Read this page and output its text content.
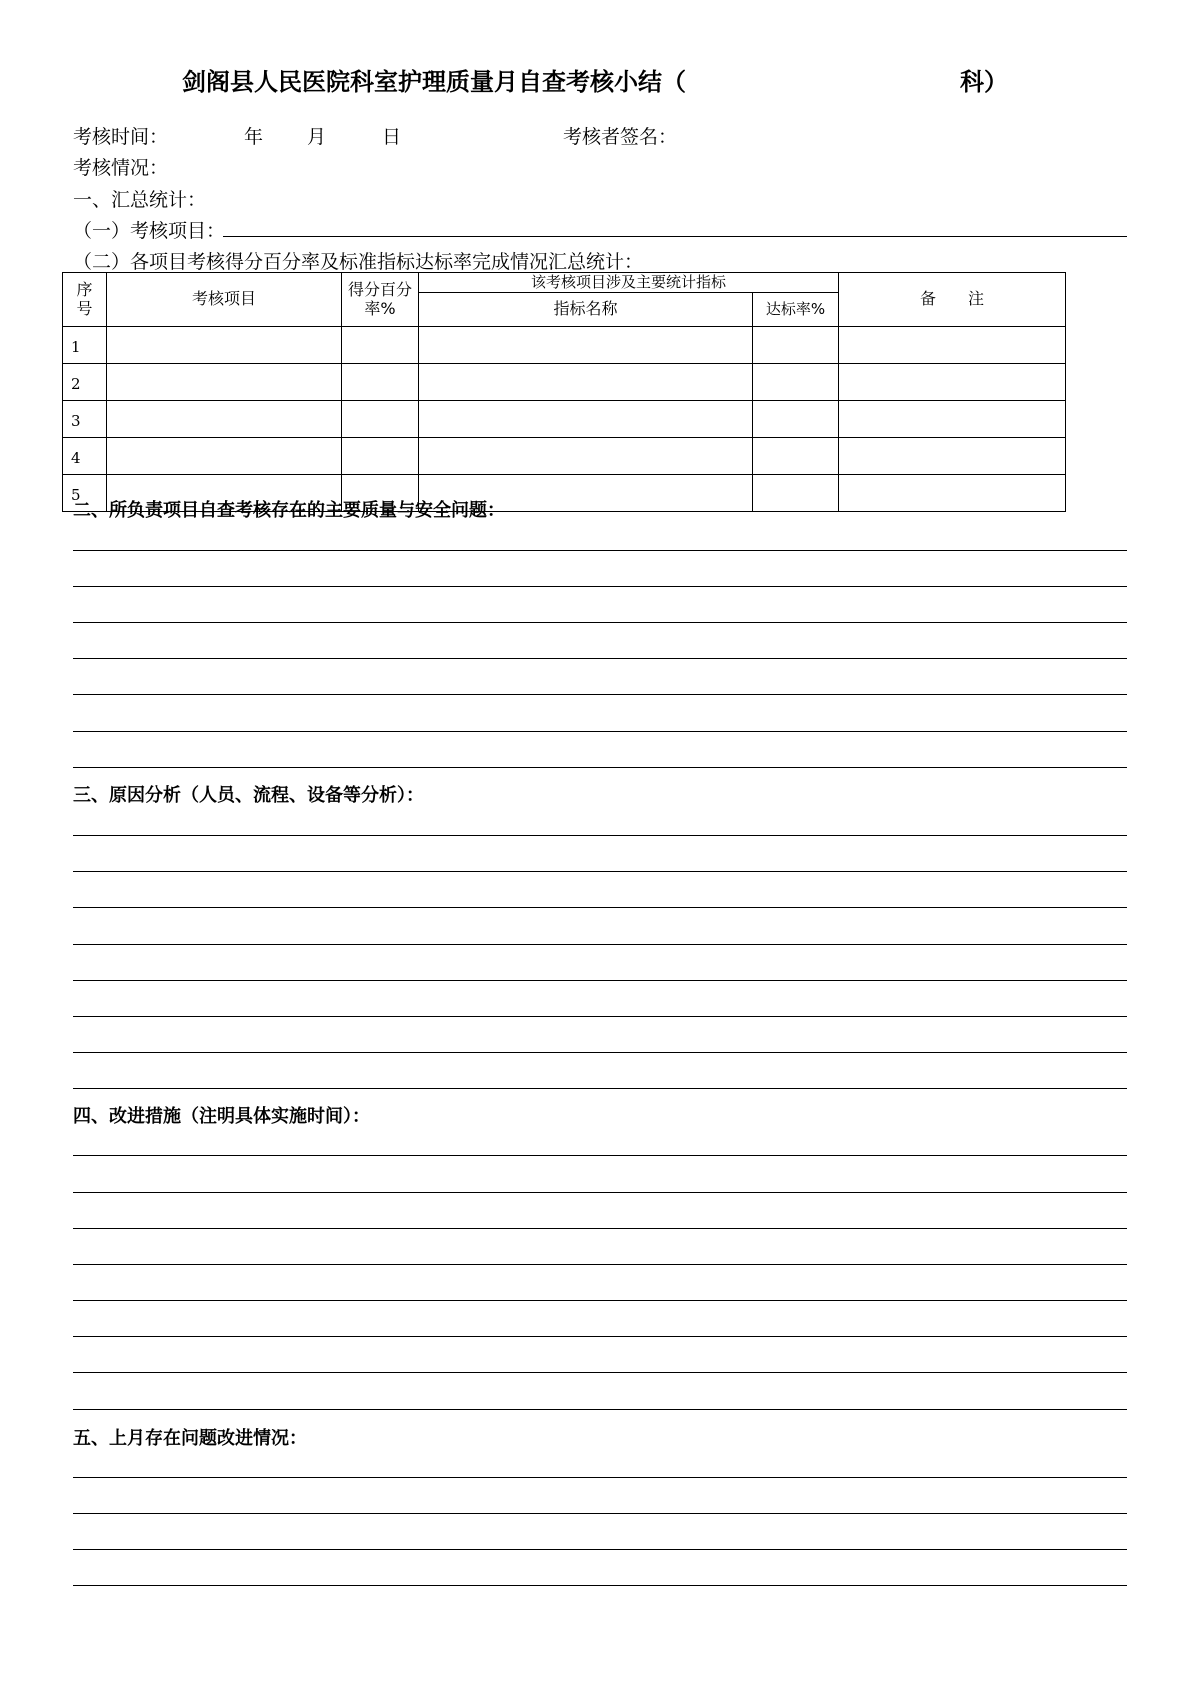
剑阁县人民医院科室护理质量月自查考核小结（	科）
考核时间：	年 月	日	考核者签名：
考核情况：
一、汇总统计：
（一）考核项目：
（二）各项目考核得分百分率及标准指标达标率完成情况汇总统计：
序号	考核项目	得分百分率%	该考核项目涉及主要统计指标		备　　注
			指标名称	达标率%	
1					
2					
3					
4					
5					
二、所负责项目自查考核存在的主要质量与安全问题：
三、原因分析（人员、流程、设备等分析）：
四、改进措施（注明具体实施时间）：
五、上月存在问题改进情况：
